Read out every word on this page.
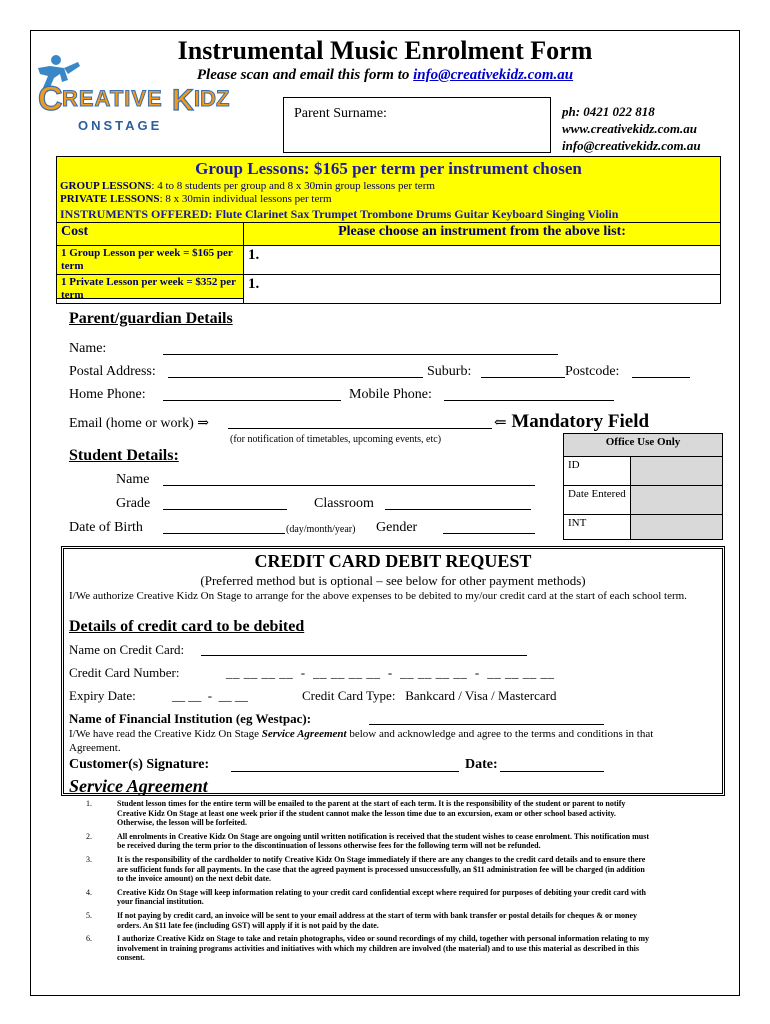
Instrumental Music Enrolment Form
Please scan and email this form to info@creativekidz.com.au
C REATIVE K IDZ
ONSTAGE
Parent Surname:	ph: 0421 022 818
www.creativekidz.com.au
info@creativekidz.com.au
Group Lessons: $165 per term per instrument chosen
GROUP LESSONS: 4 to 8 students per group and 8 x 30min group lessons per term
PRIVATE LESSONS: 8 x 30min individual lessons per term
INSTRUMENTS OFFERED: Flute Clarinet Sax Trumpet Trombone Drums Guitar Keyboard Singing Violin
Cost	Please choose an instrument from the above list:
1 Group Lesson per week = $165 per term	1.
1 Private Lesson per week = $352 per term	1.
Parent/guardian Details
Name:
Postal Address:	Suburb:	Postcode:
Home Phone:	Mobile Phone:
Email (home or work) ⇒	⇐ Mandatory Field
(for notification of timetables, upcoming events, etc)	Office Use Only	
ID	
Date Entered	
INT	
Student Details:
Name
Grade	Classroom
Date of Birth	(day/month/year) Gender
CREDIT CARD DEBIT REQUEST
(Preferred method but is optional – see below for other payment methods)
I/We authorize Creative Kidz On Stage to arrange for the above expenses to be debited to my/our credit card at the start of each school term.
Details of credit card to be debited
Name on Credit Card:
Credit Card Number:	__ __ __ __  -  __ __ __ __  -  __ __ __ __  -  __ __ __ __
Expiry Date:	__ __  -  __ __	Credit Card Type:   Bankcard / Visa / Mastercard
Name of Financial Institution (eg Westpac):
I/We have read the Creative Kidz On Stage Service Agreement below and acknowledge and agree to the terms and conditions in that Agreement.
Customer(s) Signature:	Date:
Service Agreement
1.	Student lesson times for the entire term will be emailed to the parent at the start of each term. It is the responsibility of the student or parent to notify Creative Kidz On Stage at least one week prior if the student cannot make the lesson time due to an excursion, exam or other school based activity. Otherwise, the lesson will be forfeited.
2.	All enrolments in Creative Kidz On Stage are ongoing until written notification is received that the student wishes to cease enrolment. This notification must be received during the term prior to the discontinuation of lessons otherwise fees for the following term will not be refunded.
3.	It is the responsibility of the cardholder to notify Creative Kidz On Stage immediately if there are any changes to the credit card details and to ensure there are sufficient funds for all payments. In the case that the agreed payment is processed unsuccessfully, an $11 administration fee will be charged (in addition to the invoice amount) on the next debit date.
4.	Creative Kidz On Stage will keep information relating to your credit card confidential except where required for purposes of debiting your credit card with your financial institution.
5.	If not paying by credit card, an invoice will be sent to your email address at the start of term with bank transfer or postal details for cheques & or money orders. An $11 late fee (including GST) will apply if it is not paid by the date.
6.	I authorize Creative Kidz on Stage to take and retain photographs, video or sound recordings of my child, together with personal information relating to my involvement in training programs activities and initiatives with which my children are involved (the material) and to use this material as described in this consent.
